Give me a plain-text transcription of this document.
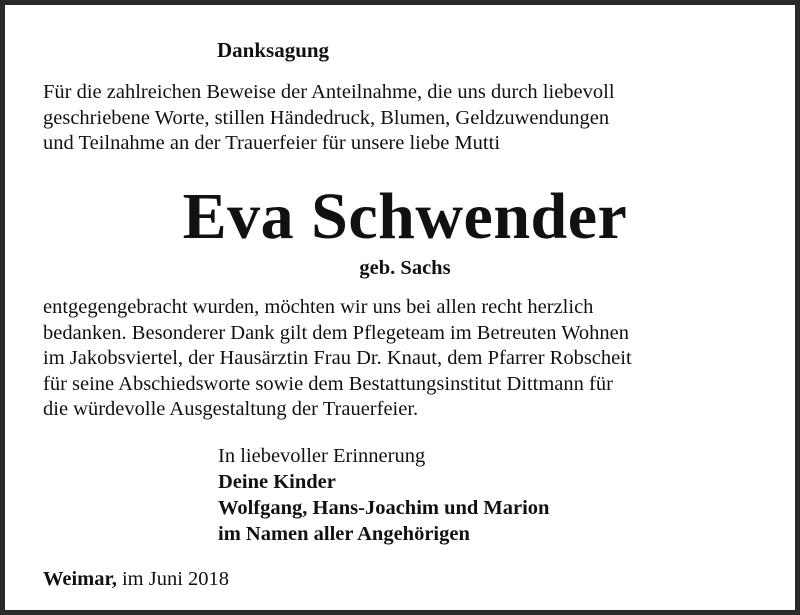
Danksagung
Für die zahlreichen Beweise der Anteilnahme, die uns durch liebevoll
geschriebene Worte, stillen Händedruck, Blumen, Geldzuwendungen
und Teilnahme an der Trauerfeier für unsere liebe Mutti
Eva Schwender
geb. Sachs
entgegengebracht wurden, möchten wir uns bei allen recht herzlich
bedanken. Besonderer Dank gilt dem Pflegeteam im Betreuten Wohnen
im Jakobsviertel, der Hausärztin Frau Dr. Knaut, dem Pfarrer Robscheit
für seine Abschiedsworte sowie dem Bestattungsinstitut Dittmann für
die würdevolle Ausgestaltung der Trauerfeier.
In liebevoller Erinnerung
Deine Kinder
Wolfgang, Hans-Joachim und Marion
im Namen aller Angehörigen
Weimar, im Juni 2018
